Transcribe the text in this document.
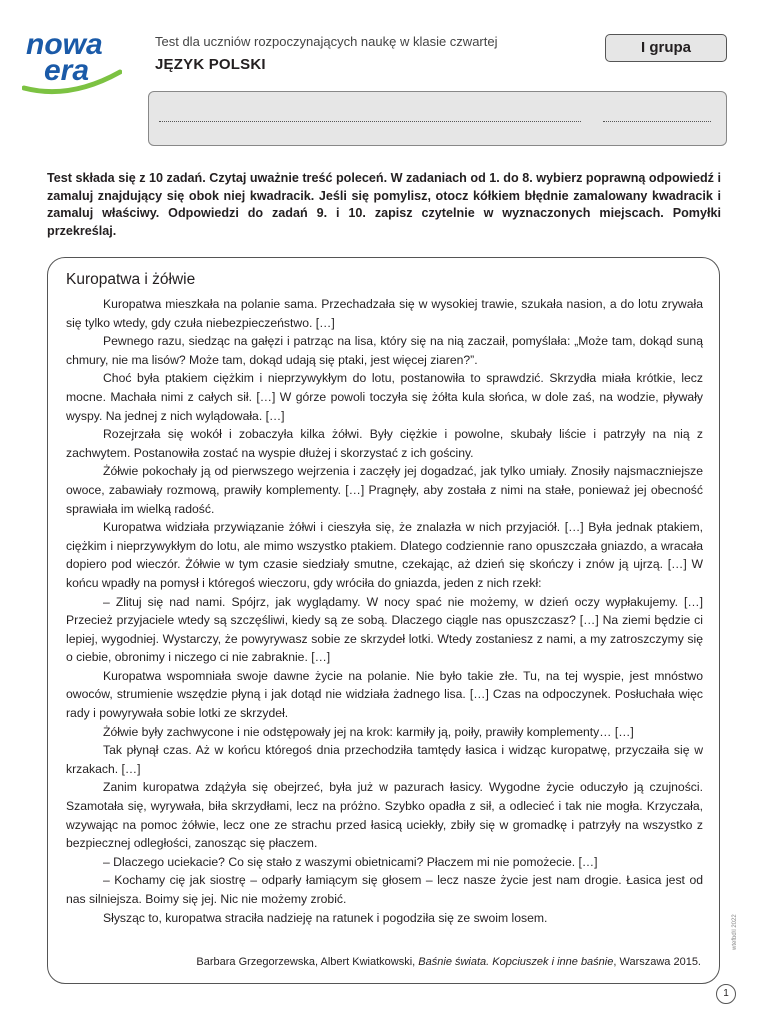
nowa
era
Test dla uczniów rozpoczynających naukę w klasie czwartej
JĘZYK POLSKI
I grupa
Test składa się z 10 zadań. Czytaj uważnie treść poleceń. W zadaniach od 1. do 8. wybierz poprawną odpowiedź i zamaluj znajdujący się obok niej kwadracik. Jeśli się pomylisz, otocz kółkiem błędnie zamalowany kwadracik i zamaluj właściwy. Odpowiedzi do zadań 9. i 10. zapisz czytelnie w wyznaczonych miejscach. Pomyłki przekreślaj.
Kuropatwa i żółwie

Kuropatwa mieszkała na polanie sama. Przechadzała się w wysokiej trawie, szukała nasion, a do lotu zrywała się tylko wtedy, gdy czuła niebezpieczeństwo. […]

Pewnego razu, siedząc na gałęzi i patrząc na lisa, który się na nią zaczaił, pomyślała: „Może tam, dokąd suną chmury, nie ma lisów? Może tam, dokąd udają się ptaki, jest więcej ziaren?”.

Choć była ptakiem ciężkim i nieprzywykłym do lotu, postanowiła to sprawdzić. Skrzydła miała krótkie, lecz mocne. Machała nimi z całych sił. […] W górze powoli toczyła się żółta kula słońca, w dole zaś, na wodzie, pływały wyspy. Na jednej z nich wylądowała. […]

Rozejrzała się wokół i zobaczyła kilka żółwi. Były ciężkie i powolne, skubały liście i patrzyły na nią z zachwytem. Postanowiła zostać na wyspie dłużej i skorzystać z ich gościny.

Żółwie pokochały ją od pierwszego wejrzenia i zaczęły jej dogadzać, jak tylko umiały. Znosiły najsmaczniejsze owoce, zabawiały rozmową, prawiły komplementy. […] Pragnęły, aby została z nimi na stałe, ponieważ jej obecność sprawiała im wielką radość.

Kuropatwa widziała przywiązanie żółwi i cieszyła się, że znalazła w nich przyjaciół. […] Była jednak ptakiem, ciężkim i nieprzywykłym do lotu, ale mimo wszystko ptakiem. Dlatego codziennie rano opuszczała gniazdo, a wracała dopiero pod wieczór. Żółwie w tym czasie siedziały smutne, czekając, aż dzień się skończy i znów ją ujrzą. […] W końcu wpadły na pomysł i któregoś wieczoru, gdy wróciła do gniazda, jeden z nich rzekł:

– Zlituj się nad nami. Spójrz, jak wyglądamy. W nocy spać nie możemy, w dzień oczy wypłakujemy. […] Przecież przyjaciele wtedy są szczęśliwi, kiedy są ze sobą. Dlaczego ciągle nas opuszczasz? […] Na ziemi będzie ci lepiej, wygodniej. Wystarczy, że powyrywasz sobie ze skrzydeł lotki. Wtedy zostaniesz z nami, a my zatroszczymy się o ciebie, obronimy i niczego ci nie zabraknie. […]

Kuropatwa wspomniała swoje dawne życie na polanie. Nie było takie złe. Tu, na tej wyspie, jest mnóstwo owoców, strumienie wszędzie płyną i jak dotąd nie widziała żadnego lisa. […] Czas na odpoczynek. Posłuchała więc rady i powyrywała sobie lotki ze skrzydeł.

Żółwie były zachwycone i nie odstępowały jej na krok: karmiły ją, poiły, prawiły komplementy… […]

Tak płynął czas. Aż w końcu któregoś dnia przechodziła tamtędy łasica i widząc kuropatwę, przyczaiła się w krzakach. […]

Zanim kuropatwa zdążyła się obejrzeć, była już w pazurach łasicy. Wygodne życie oduczyło ją czujności. Szamotała się, wyrywała, biła skrzydłami, lecz na próżno. Szybko opadła z sił, a odlecieć i tak nie mogła. Krzyczała, wzywając na pomoc żółwie, lecz one ze strachu przed łasicą uciekły, zbiły się w gromadkę i patrzyły na wszystko z bezpiecznej odległości, zanosząc się płaczem.

– Dlaczego uciekacie? Co się stało z waszymi obietnicami? Płaczem mi nie pomożecie. […]

– Kochamy cię jak siostrę – odparły łamiącym się głosem – lecz nasze życie jest nam drogie. Łasica jest od nas silniejsza. Boimy się jej. Nic nie możemy zrobić.

Słysząc to, kuropatwa straciła nadzieję na ratunek i pogodziła się ze swoim losem.

Barbara Grzegorzewska, Albert Kwiatkowski, Baśnie świata. Kopciuszek i inne baśnie, Warszawa 2015.
wtefbd\l 2022
1
